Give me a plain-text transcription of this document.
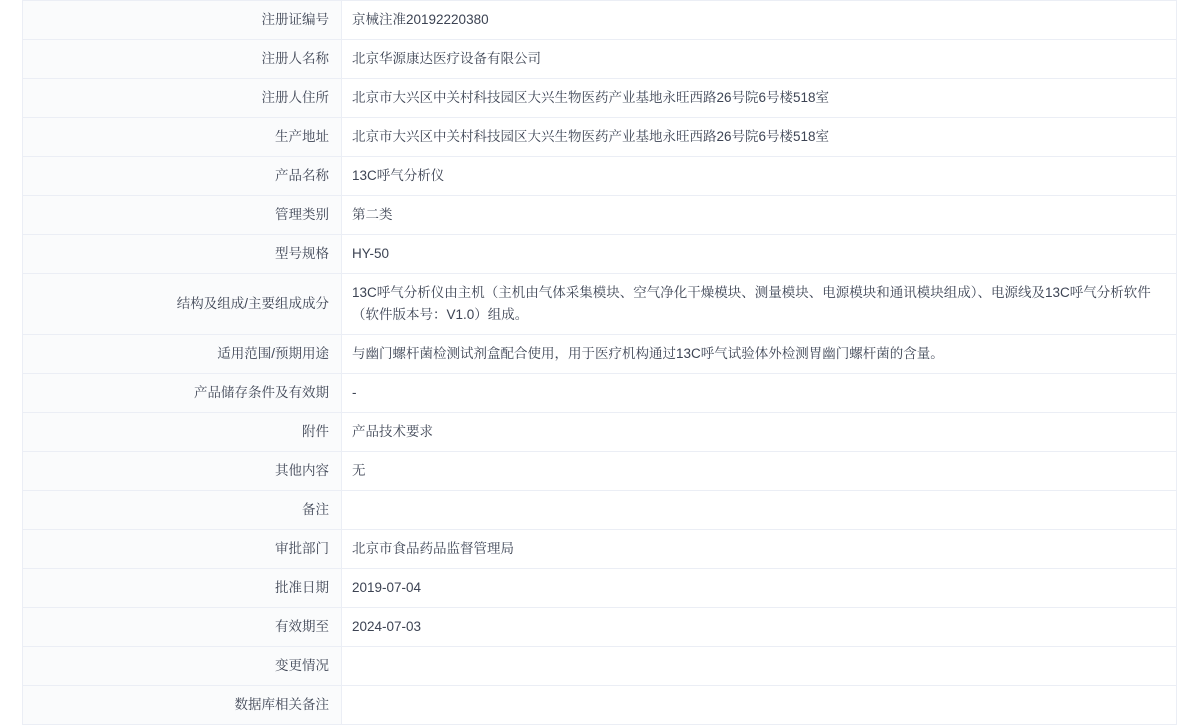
注册证编号	京械注准20192220380
注册人名称	北京华源康达医疗设备有限公司
注册人住所	北京市大兴区中关村科技园区大兴生物医药产业基地永旺西路26号院6号楼518室
生产地址	北京市大兴区中关村科技园区大兴生物医药产业基地永旺西路26号院6号楼518室
产品名称	13C呼气分析仪
管理类别	第二类
型号规格	HY-50
结构及组成/主要组成成分	13C呼气分析仪由主机（主机由气体采集模块、空气净化干燥模块、测量模块、电源模块和通讯模块组成）、电源线及13C呼气分析软件（软件版本号：V1.0）组成。
适用范围/预期用途	与幽门螺杆菌检测试剂盒配合使用，用于医疗机构通过13C呼气试验体外检测胃幽门螺杆菌的含量。
产品储存条件及有效期	-
附件	产品技术要求
其他内容	无
备注	
审批部门	北京市食品药品监督管理局
批准日期	2019-07-04
有效期至	2024-07-03
变更情况	
数据库相关备注	
